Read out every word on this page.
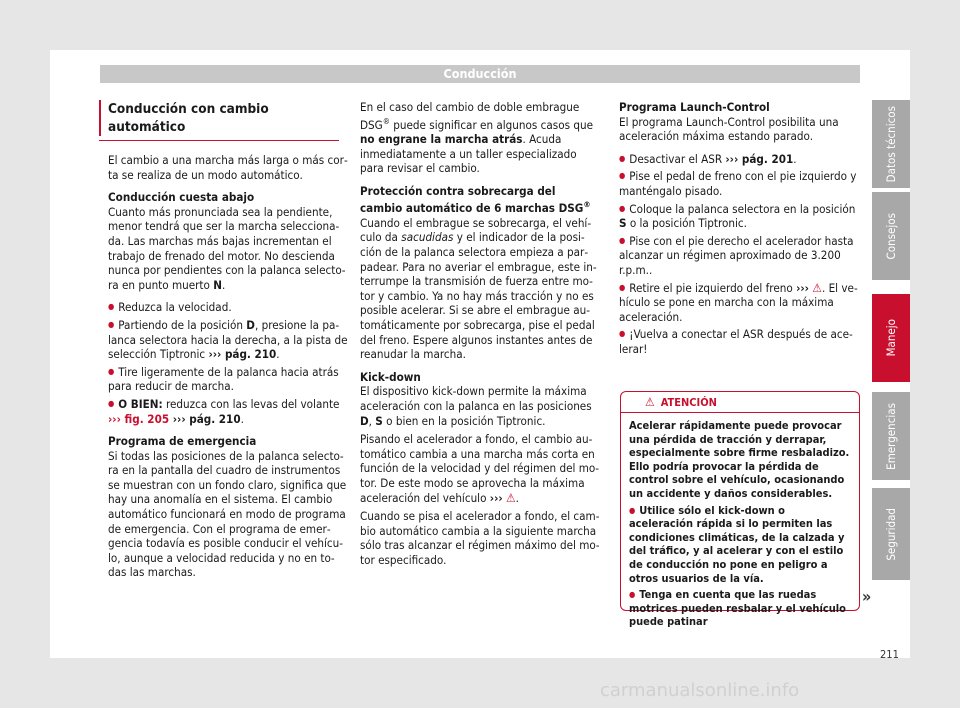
Conducción
Conducción con cambio automático

El cambio a una marcha más larga o más corta se realiza de un modo automático.

Conducción cuesta abajo

Cuanto más pronunciada sea la pendiente, menor tendrá que ser la marcha seleccionada. Las marchas más bajas incrementan el trabajo de frenado del motor. No descienda nunca por pendientes con la palanca selectora en punto muerto N.

● Reduzca la velocidad.

● Partiendo de la posición D, presione la palanca selectora hacia la derecha, a la pista de selección Tiptronic ››› pág. 210.

● Tire ligeramente de la palanca hacia atrás para reducir de marcha.

● O BIEN: reduzca con las levas del volante ››› fig. 205 ››› pág. 210.

Programa de emergencia

Si todas las posiciones de la palanca selectora en la pantalla del cuadro de instrumentos se muestran con un fondo claro, significa que hay una anomalía en el sistema. El cambio automático funcionará en modo de programa de emergencia. Con el programa de emergencia todavía es posible conducir el vehículo, aunque a velocidad reducida y no en todas las marchas.

En el caso del cambio de doble embrague DSG® puede significar en algunos casos que no engrane la marcha atrás. Acuda inmediatamente a un taller especializado para revisar el cambio.

Protección contra sobrecarga del cambio automático de 6 marchas DSG®

Cuando el embrague se sobrecarga, el vehículo da sacudidas y el indicador de la posición de la palanca selectora empieza a parpadear. Para no averiar el embrague, este interrumpe la transmisión de fuerza entre motor y cambio. Ya no hay más tracción y no es posible acelerar. Si se abre el embrague automáticamente por sobrecarga, pise el pedal del freno. Espere algunos instantes antes de reanudar la marcha.

Kick-down

El dispositivo kick-down permite la máxima aceleración con la palanca en las posiciones D, S o bien en la posición Tiptronic.

Pisando el acelerador a fondo, el cambio automático cambia a una marcha más corta en función de la velocidad y del régimen del motor. De este modo se aprovecha la máxima aceleración del vehículo ››› ⚠.

Cuando se pisa el acelerador a fondo, el cambio automático cambia a la siguiente marcha sólo tras alcanzar el régimen máximo del motor especificado.

Programa Launch-Control

El programa Launch-Control posibilita una aceleración máxima estando parado.

● Desactivar el ASR ››› pág. 201.

● Pise el pedal de freno con el pie izquierdo y manténgalo pisado.

● Coloque la palanca selectora en la posición S o la posición Tiptronic.

● Pise con el pie derecho el acelerador hasta alcanzar un régimen aproximado de 3.200 r.p.m..

● Retire el pie izquierdo del freno ››› ⚠. El vehículo se pone en marcha con la máxima aceleración.

● ¡Vuelva a conectar el ASR después de acelerar!

⚠ ATENCIÓN

Acelerar rápidamente puede provocar una pérdida de tracción y derrapar, especialmente sobre firme resbaladizo. Ello podría provocar la pérdida de control sobre el vehículo, ocasionando un accidente y daños considerables.

● Utilice sólo el kick-down o aceleración rápida si lo permiten las condiciones climáticas, de la calzada y del tráfico, y al acelerar y con el estilo de conducción no pone en peligro a otros usuarios de la vía.

● Tenga en cuenta que las ruedas motrices pueden resbalar y el vehículo puede patinar

»
Datos técnicos
Consejos
Manejo
Emergencias
Seguridad
211
carmanualsonline.info
